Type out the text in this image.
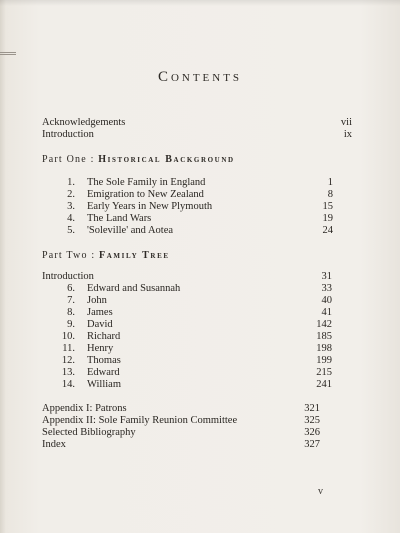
Contents
Acknowledgements	vii
Introduction	ix
Part One : Historical Background
1. The Sole Family in England	1
2. Emigration to New Zealand	8
3. Early Years in New Plymouth	15
4. The Land Wars	19
5. 'Soleville' and Aotea	24
Part Two : Family Tree
Introduction	31
6. Edward and Susannah	33
7. John	40
8. James	41
9. David	142
10. Richard	185
11. Henry	198
12. Thomas	199
13. Edward	215
14. William	241
Appendix I: Patrons	321
Appendix II: Sole Family Reunion Committee	325
Selected Bibliography	326
Index	327
v
